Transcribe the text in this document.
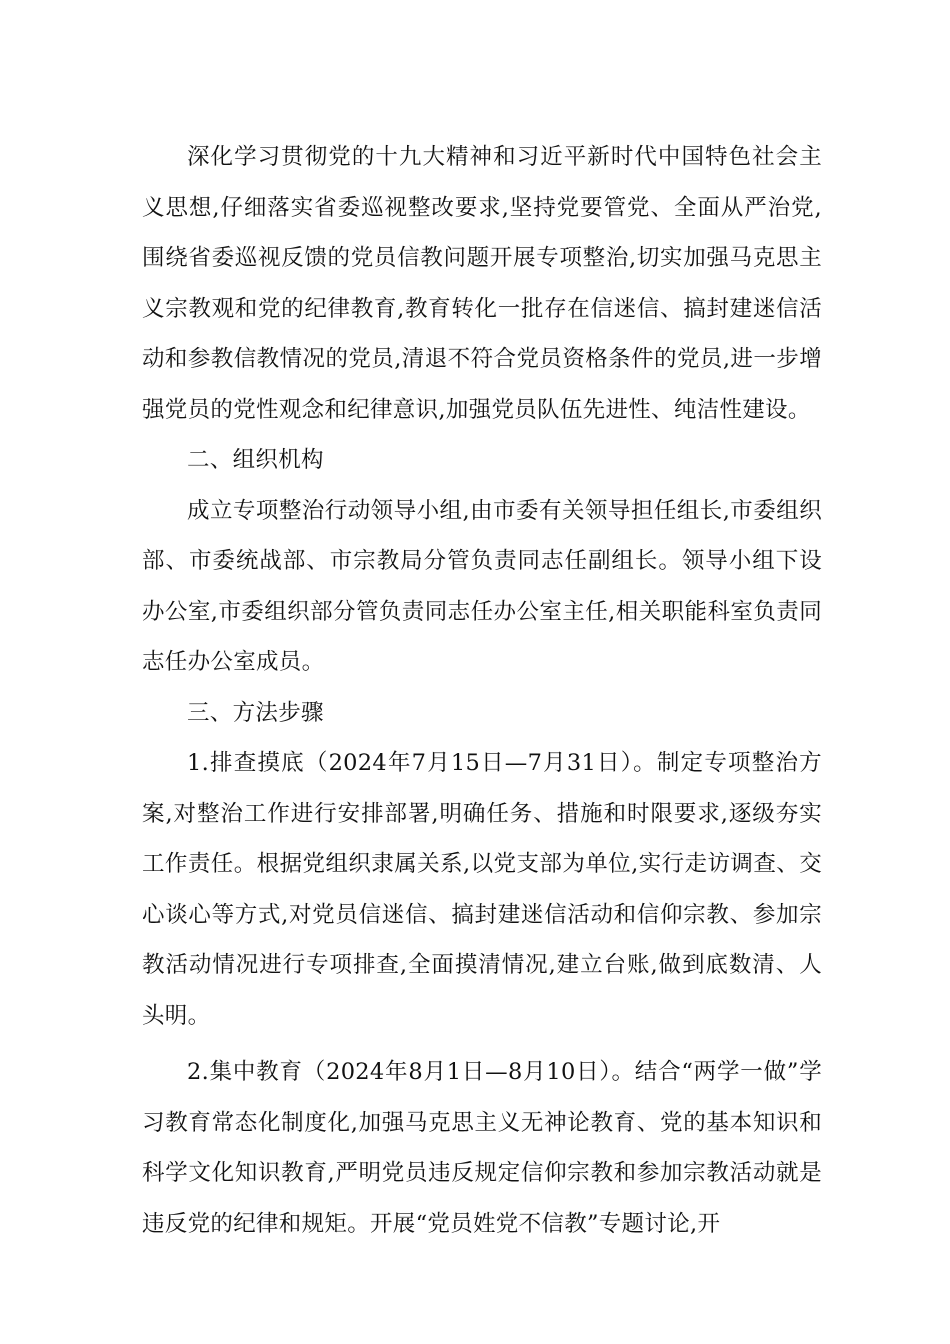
深化学习贯彻党的十九大精神和习近平新时代中国特色社会主义思想,仔细落实省委巡视整改要求,坚持党要管党、全面从严治党,围绕省委巡视反馈的党员信教问题开展专项整治,切实加强马克思主义宗教观和党的纪律教育,教育转化一批存在信迷信、搞封建迷信活动和参教信教情况的党员,清退不符合党员资格条件的党员,进一步增强党员的党性观念和纪律意识,加强党员队伍先进性、纯洁性建设。

二、组织机构

成立专项整治行动领导小组,由市委有关领导担任组长,市委组织部、市委统战部、市宗教局分管负责同志任副组长。领导小组下设办公室,市委组织部分管负责同志任办公室主任,相关职能科室负责同志任办公室成员。

三、方法步骤

1.排查摸底（2024年7月15日—7月31日）。制定专项整治方案,对整治工作进行安排部署,明确任务、措施和时限要求,逐级夯实工作责任。根据党组织隶属关系,以党支部为单位,实行走访调查、交心谈心等方式,对党员信迷信、搞封建迷信活动和信仰宗教、参加宗教活动情况进行专项排查,全面摸清情况,建立台账,做到底数清、人头明。

2.集中教育（2024年8月1日—8月10日）。结合“两学一做”学习教育常态化制度化,加强马克思主义无神论教育、党的基本知识和科学文化知识教育,严明党员违反规定信仰宗教和参加宗教活动就是违反党的纪律和规矩。开展“党员姓党不信教”专题讨论,开
